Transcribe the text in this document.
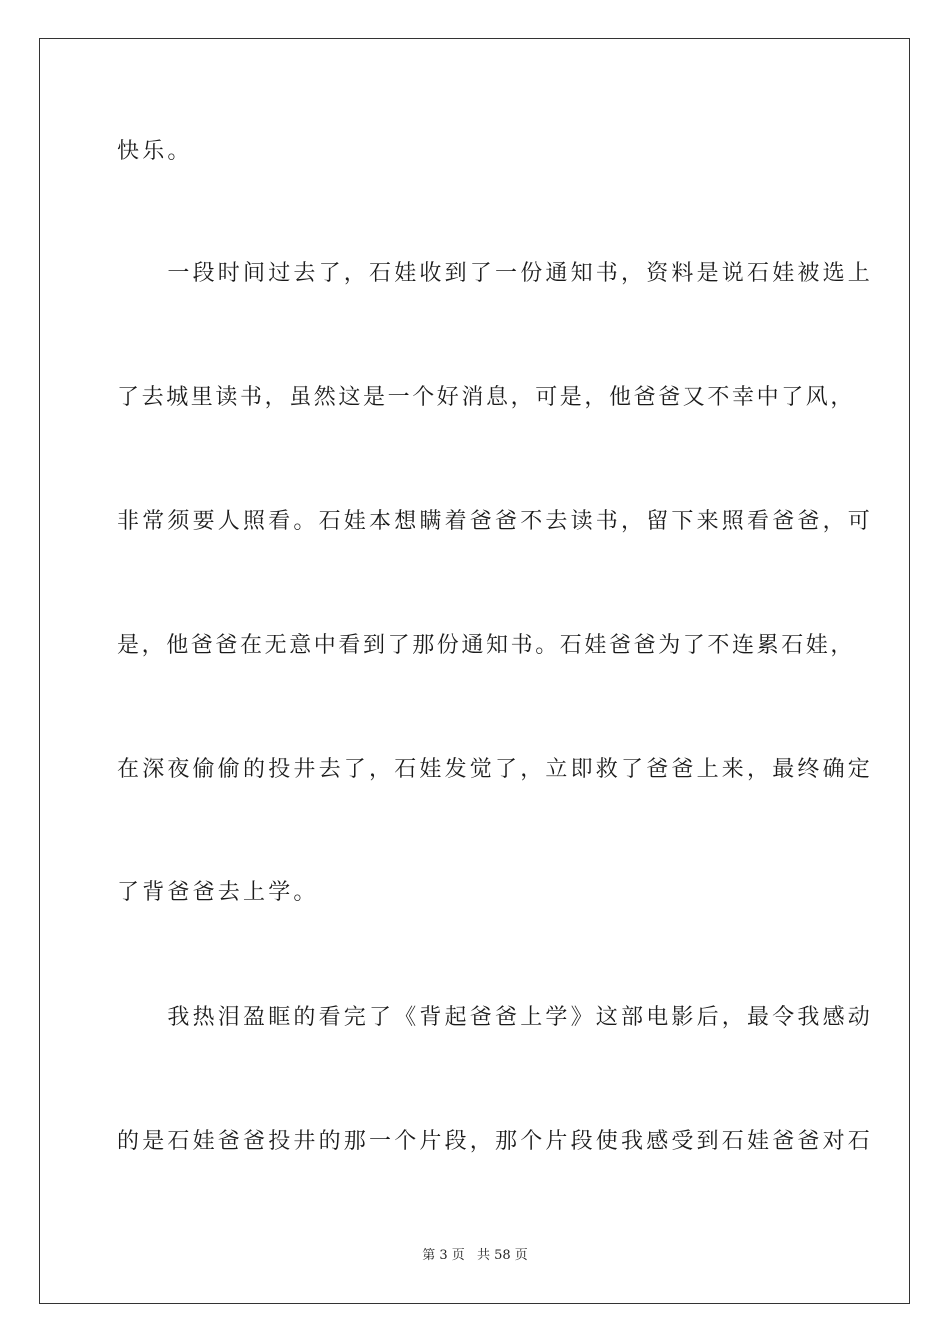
快乐。
　　一段时间过去了，石娃收到了一份通知书，资料是说石娃被选上
了去城里读书，虽然这是一个好消息，可是，他爸爸又不幸中了风，
非常须要人照看。石娃本想瞒着爸爸不去读书，留下来照看爸爸，可
是，他爸爸在无意中看到了那份通知书。石娃爸爸为了不连累石娃，
在深夜偷偷的投井去了，石娃发觉了，立即救了爸爸上来，最终确定
了背爸爸去上学。
　　我热泪盈眶的看完了《背起爸爸上学》这部电影后，最令我感动
的是石娃爸爸投井的那一个片段，那个片段使我感受到石娃爸爸对石
第 3 页 共 58 页
